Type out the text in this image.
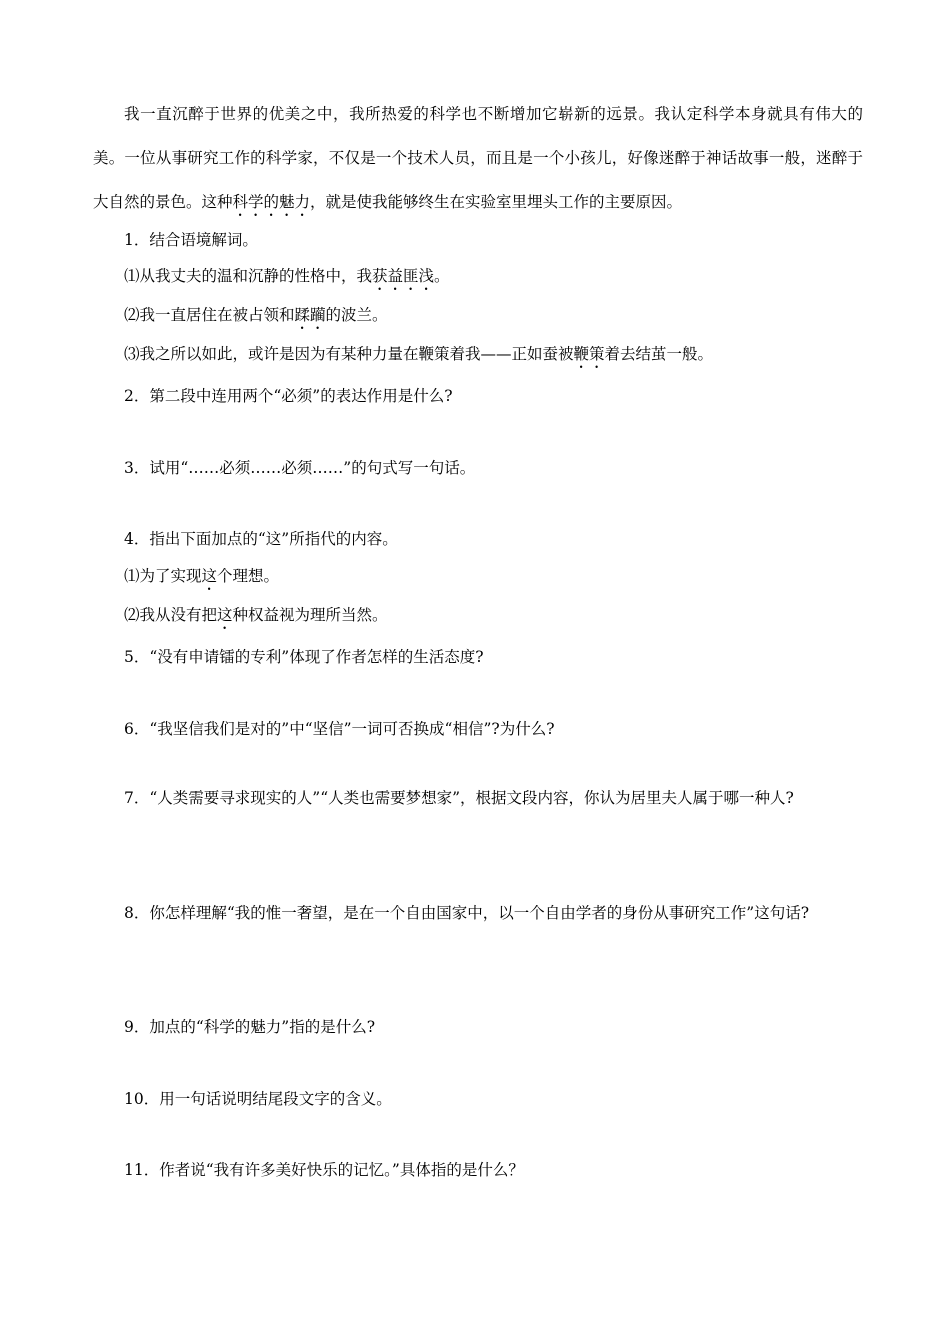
我一直沉醉于世界的优美之中，我所热爱的科学也不断增加它崭新的远景。我认定科学本身就具有伟大的美。一位从事研究工作的科学家，不仅是一个技术人员，而且是一个小孩儿，好像迷醉于神话故事一般，迷醉于大自然的景色。这种科学的魅力，就是使我能够终生在实验室里埋头工作的主要原因。

1．结合语境解词。

⑴从我丈夫的温和沉静的性格中，我获益匪浅。

⑵我一直居住在被占领和蹂躏的波兰。

⑶我之所以如此，或许是因为有某种力量在鞭策着我——正如蚕被鞭策着去结茧一般。

2．第二段中连用两个“必须”的表达作用是什么?

3．试用“……必须……必须……”的句式写一句话。

4．指出下面加点的“这”所指代的内容。

⑴为了实现这个理想。

⑵我从没有把这种权益视为理所当然。

5．“没有申请镭的专利”体现了作者怎样的生活态度?

6．“我坚信我们是对的”中“坚信”一词可否换成“相信”?为什么?

7．“人类需要寻求现实的人”“人类也需要梦想家”，根据文段内容，你认为居里夫人属于哪一种人?

8．你怎样理解“我的惟一奢望，是在一个自由国家中，以一个自由学者的身份从事研究工作”这句话?

9．加点的“科学的魅力”指的是什么?

10．用一句话说明结尾段文字的含义。

11．作者说“我有许多美好快乐的记忆。”具体指的是什么？
